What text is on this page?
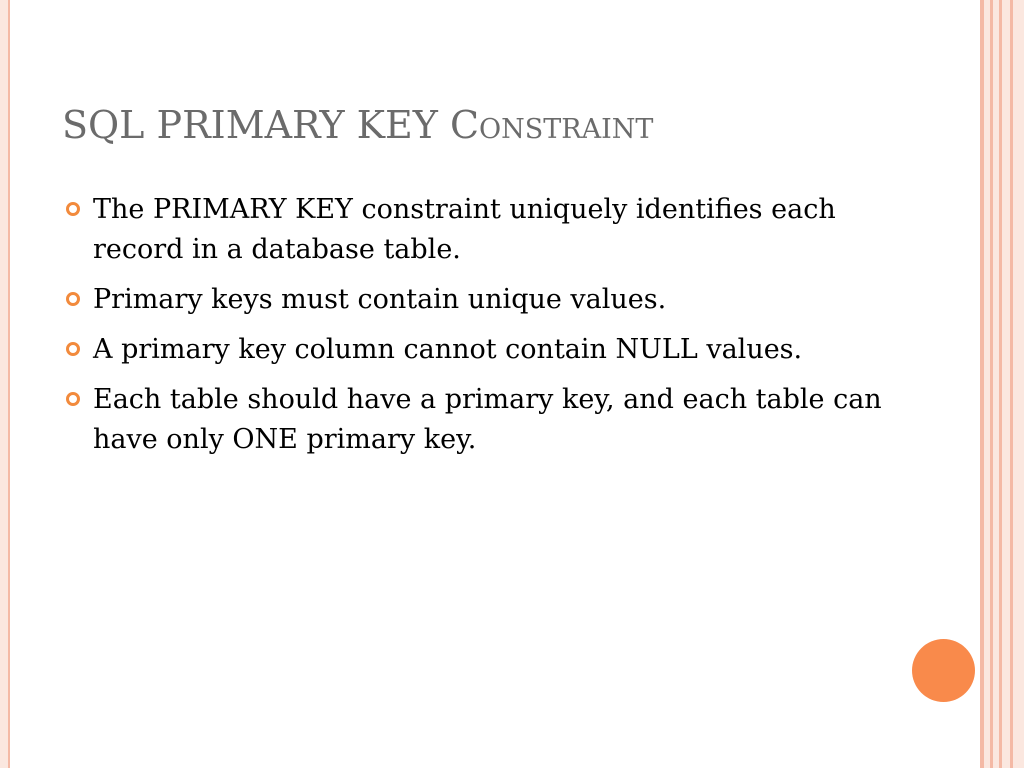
SQL PRIMARY KEY Constraint
The PRIMARY KEY constraint uniquely identifies each record in a database table.
Primary keys must contain unique values.
A primary key column cannot contain NULL values.
Each table should have a primary key, and each table can have only ONE primary key.
